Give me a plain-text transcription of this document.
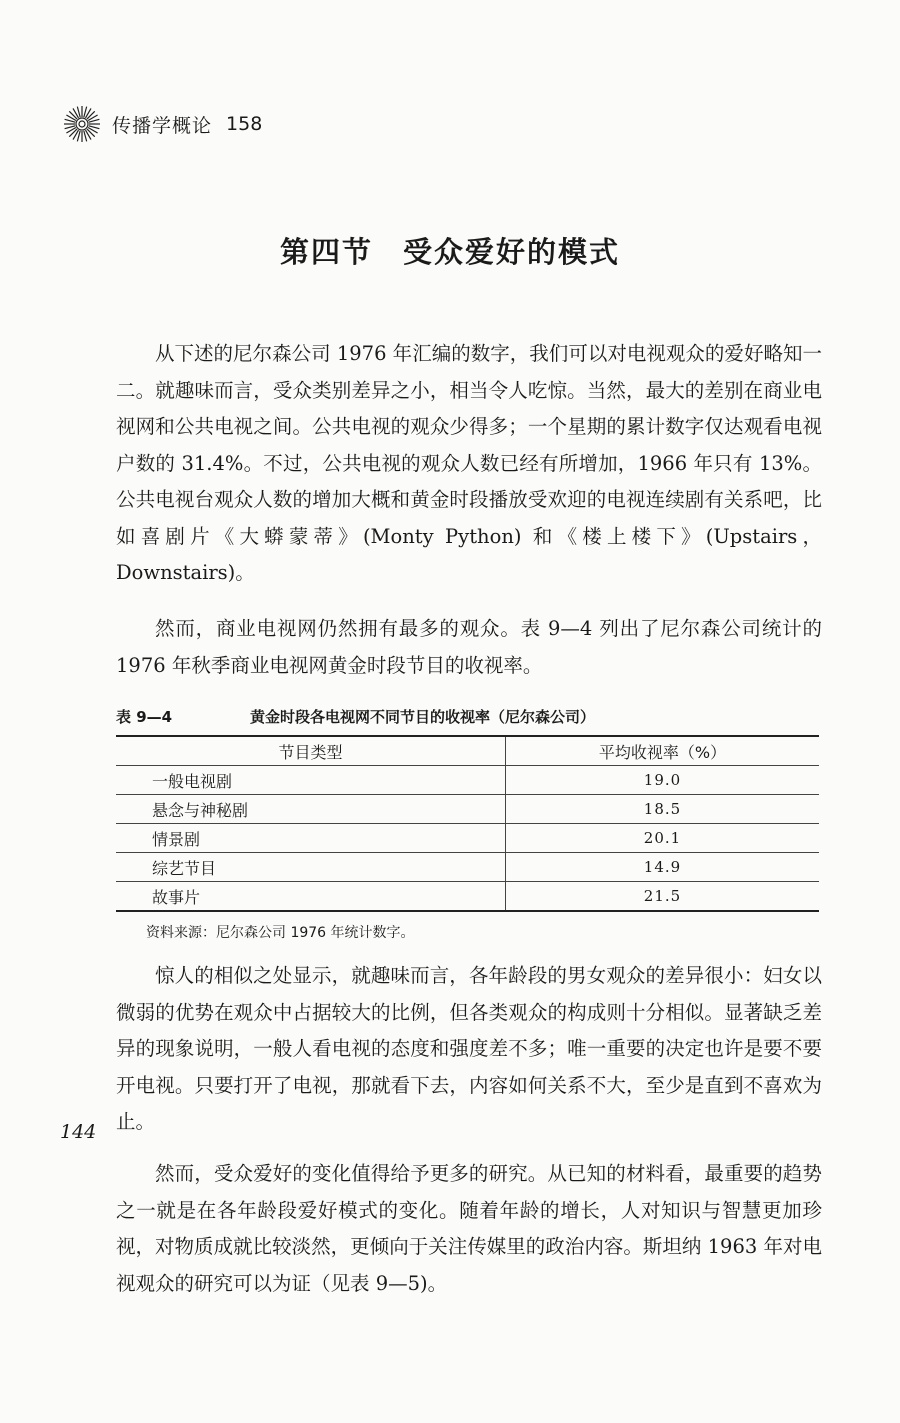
传播学概论 158
第四节 受众爱好的模式

从下述的尼尔森公司 1976 年汇编的数字，我们可以对电视观众的爱好略知一二。就趣味而言，受众类别差异之小，相当令人吃惊。当然，最大的差别在商业电视网和公共电视之间。公共电视的观众少得多；一个星期的累计数字仅达观看电视户数的 31.4%。不过，公共电视的观众人数已经有所增加，1966 年只有 13%。公共电视台观众人数的增加大概和黄金时段播放受欢迎的电视连续剧有关系吧，比如喜剧片《大蟒蒙蒂》(Monty Python) 和《楼上楼下》(Upstairs，Downstairs)。

然而，商业电视网仍然拥有最多的观众。表 9—4 列出了尼尔森公司统计的 1976 年秋季商业电视网黄金时段节目的收视率。

表 9—4	黄金时段各电视网不同节目的收视率（尼尔森公司）
节目类型	平均收视率（%）
一般电视剧	19.0
悬念与神秘剧	18.5
情景剧	20.1
综艺节目	14.9
故事片	21.5
资料来源：尼尔森公司 1976 年统计数字。

惊人的相似之处显示，就趣味而言，各年龄段的男女观众的差异很小：妇女以微弱的优势在观众中占据较大的比例，但各类观众的构成则十分相似。显著缺乏差异的现象说明，一般人看电视的态度和强度差不多；唯一重要的决定也许是要不要开电视。只要打开了电视，那就看下去，内容如何关系不大，至少是直到不喜欢为止。

144

然而，受众爱好的变化值得给予更多的研究。从已知的材料看，最重要的趋势之一就是在各年龄段爱好模式的变化。随着年龄的增长，人对知识与智慧更加珍视，对物质成就比较淡然，更倾向于关注传媒里的政治内容。斯坦纳 1963 年对电视观众的研究可以为证（见表 9—5)。
